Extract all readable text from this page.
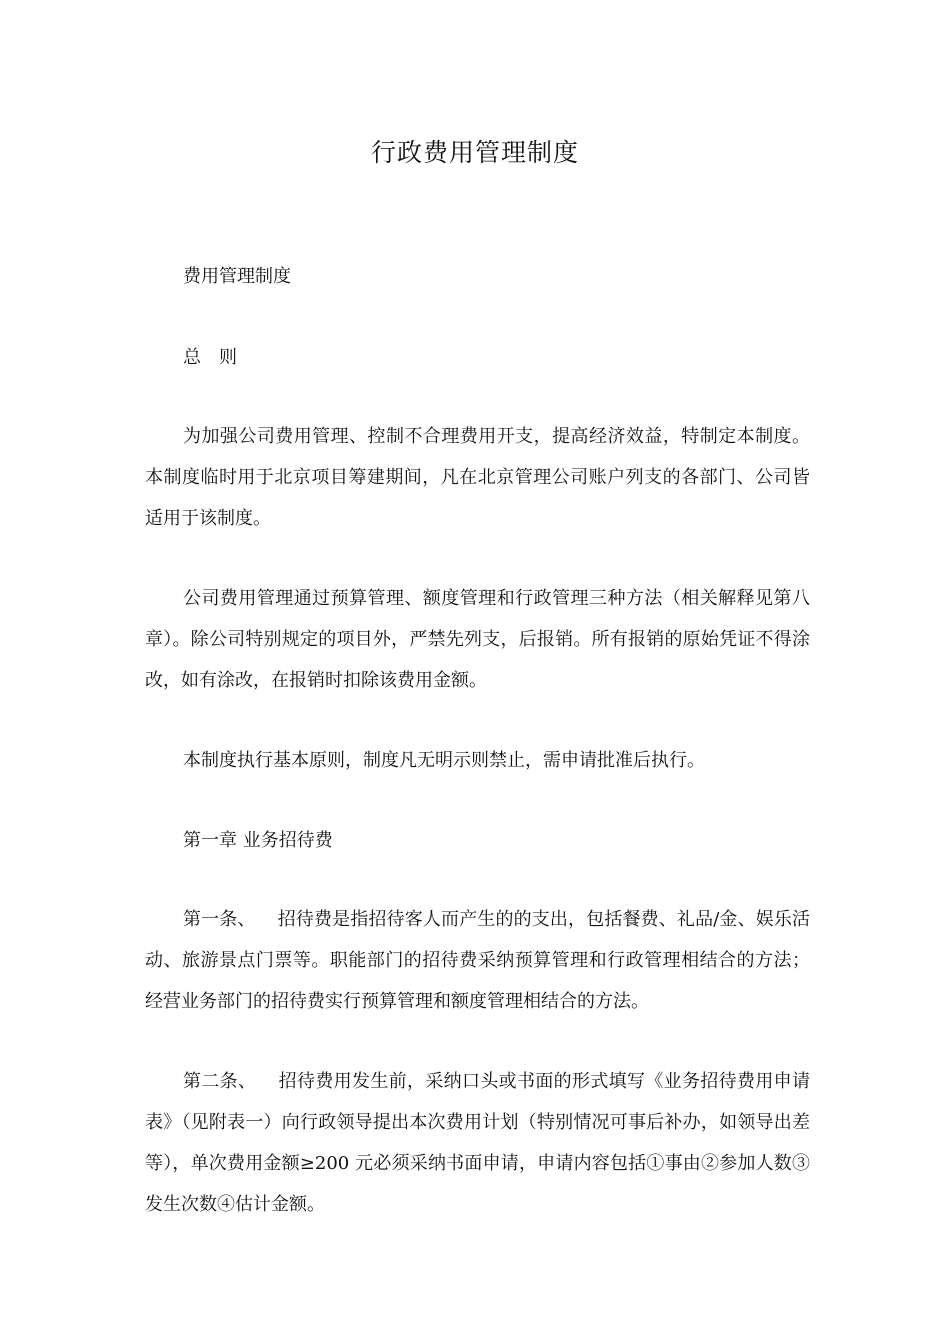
行政费用管理制度
费用管理制度
总　则
为加强公司费用管理、控制不合理费用开支，提高经济效益，特制定本制度。本制度临时用于北京项目筹建期间，凡在北京管理公司账户列支的各部门、公司皆适用于该制度。
公司费用管理通过预算管理、额度管理和行政管理三种方法（相关解释见第八章）。除公司特别规定的项目外，严禁先列支，后报销。所有报销的原始凭证不得涂改，如有涂改，在报销时扣除该费用金额。
本制度执行基本原则，制度凡无明示则禁止，需申请批准后执行。
第一章 业务招待费
第一条、 招待费是指招待客人而产生的的支出，包括餐费、礼品/金、娱乐活动、旅游景点门票等。职能部门的招待费采纳预算管理和行政管理相结合的方法；经营业务部门的招待费实行预算管理和额度管理相结合的方法。
第二条、 招待费用发生前，采纳口头或书面的形式填写《业务招待费用申请表》（见附表一）向行政领导提出本次费用计划（特别情况可事后补办，如领导出差等），单次费用金额≥200 元必须采纳书面申请，申请内容包括①事由②参加人数③发生次数④估计金额。
